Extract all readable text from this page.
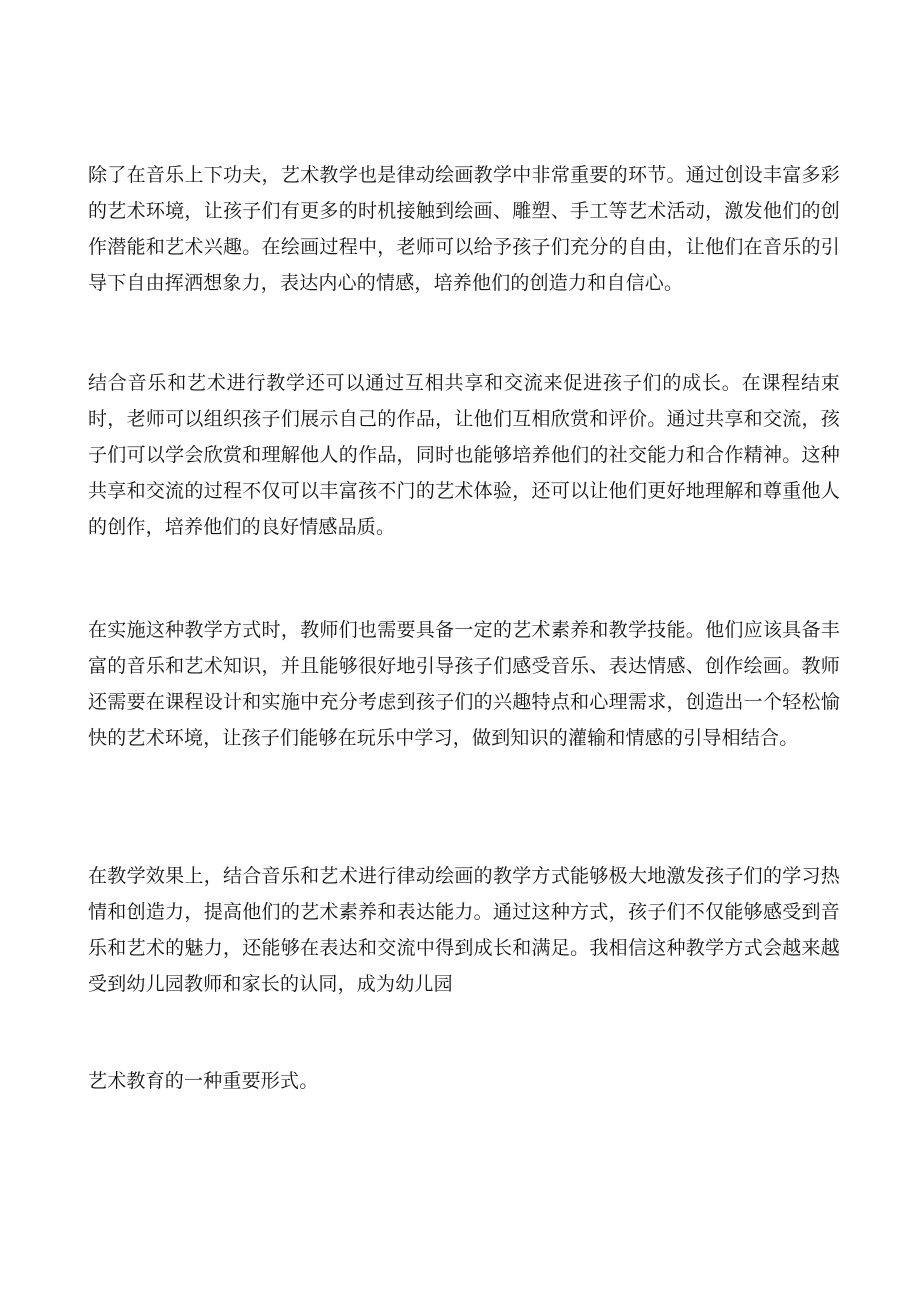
除了在音乐上下功夫，艺术教学也是律动绘画教学中非常重要的环节。通过创设丰富多彩的艺术环境，让孩子们有更多的时机接触到绘画、雕塑、手工等艺术活动，激发他们的创作潜能和艺术兴趣。在绘画过程中，老师可以给予孩子们充分的自由，让他们在音乐的引导下自由挥洒想象力，表达内心的情感，培养他们的创造力和自信心。

结合音乐和艺术进行教学还可以通过互相共享和交流来促进孩子们的成长。在课程结束时，老师可以组织孩子们展示自己的作品，让他们互相欣赏和评价。通过共享和交流，孩子们可以学会欣赏和理解他人的作品，同时也能够培养他们的社交能力和合作精神。这种共享和交流的过程不仅可以丰富孩不门的艺术体验，还可以让他们更好地理解和尊重他人的创作，培养他们的良好情感品质。

在实施这种教学方式时，教师们也需要具备一定的艺术素养和教学技能。他们应该具备丰富的音乐和艺术知识，并且能够很好地引导孩子们感受音乐、表达情感、创作绘画。教师还需要在课程设计和实施中充分考虑到孩子们的兴趣特点和心理需求，创造出一个轻松愉快的艺术环境，让孩子们能够在玩乐中学习，做到知识的灌输和情感的引导相结合。

在教学效果上，结合音乐和艺术进行律动绘画的教学方式能够极大地激发孩子们的学习热情和创造力，提高他们的艺术素养和表达能力。通过这种方式，孩子们不仅能够感受到音乐和艺术的魅力，还能够在表达和交流中得到成长和满足。我相信这种教学方式会越来越受到幼儿园教师和家长的认同，成为幼儿园

艺术教育的一种重要形式。
